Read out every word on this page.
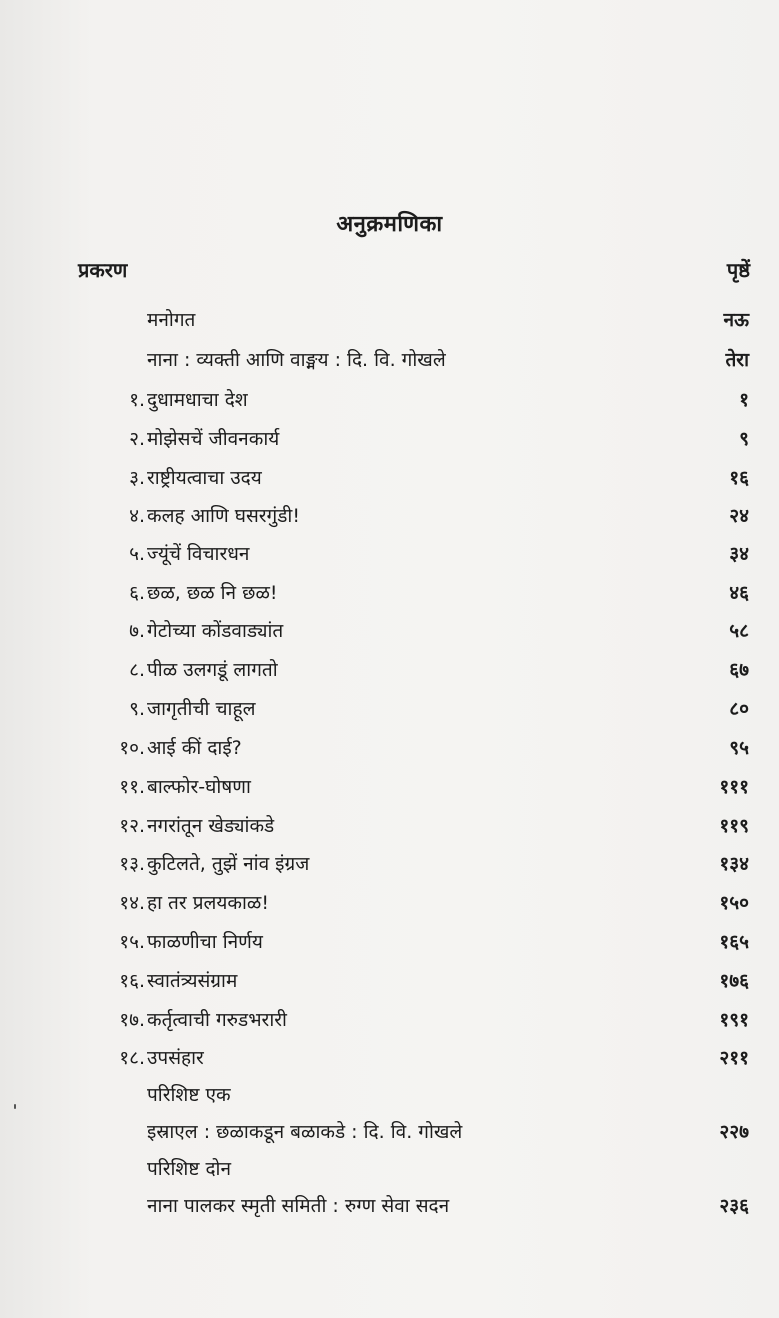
अनुक्रमणिका
प्रकरण	पृष्ठें
मनोगत	नऊ
नाना : व्यक्ती आणि वाङ्मय : दि. वि. गोखले	तेरा
१. दुधामधाचा देश	१
२. मोझेसचें जीवनकार्य	९
३. राष्ट्रीयत्वाचा उदय	१६
४. कलह आणि घसरगुंडी!	२४
५. ज्यूंचें विचारधन	३४
६. छळ, छळ नि छळ!	४६
७. गेटोच्या कोंडवाड्यांत	५८
८. पीळ उलगडूं लागतो	६७
९. जागृतीची चाहूल	८०
१०. आई कीं दाई?	९५
११. बाल्फोर-घोषणा	१११
१२. नगरांतून खेड्यांकडे	११९
१३. कुटिलते, तुझें नांव इंग्रज	१३४
१४. हा तर प्रलयकाळ!	१५०
१५. फाळणीचा निर्णय	१६५
१६. स्वातंत्र्यसंग्राम	१७६
१७. कर्तृत्वाची गरुडभरारी	१९१
१८. उपसंहार	२११
परिशिष्ट एक
इस्राएल : छळाकडून बळाकडे : दि. वि. गोखले	२२७
परिशिष्ट दोन
नाना पालकर स्मृती समिती : रुग्ण सेवा सदन	२३६
